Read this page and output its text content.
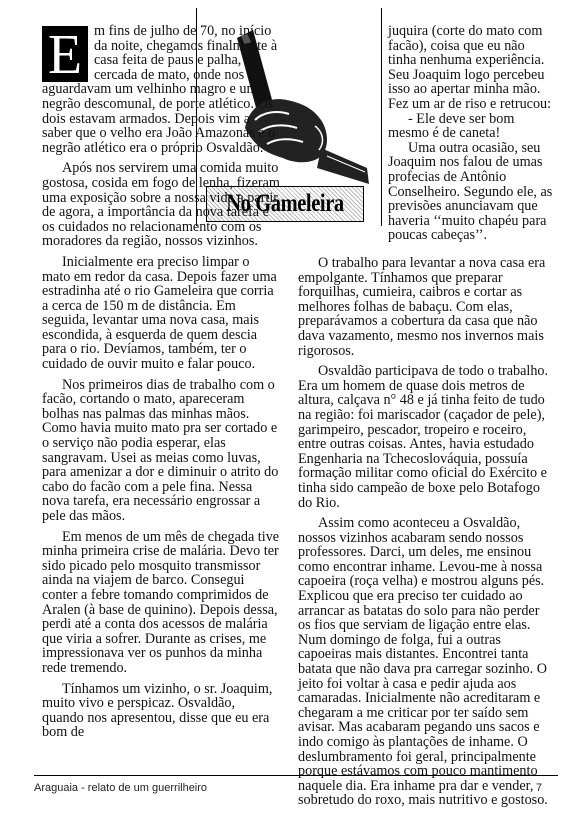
No Gameleira

E m fins de julho de 70, no início da noite, chegamos finalmente à casa feita de paus e palha, cercada de mato, onde nos aguardavam um velhinho magro e um negrão descomunal, de porte atlético. Os dois estavam armados. Depois vim a saber que o velho era João Amazonas e o negrão atlético era o próprio Osvaldão.

Após nos servirem uma comida muito gostosa, cosida em fogo de lenha, fizeram uma exposição sobre a nossa vida a partir de agora, a importância da nova tarefa e os cuidados no relacionamento com os moradores da região, nossos vizinhos.

Inicialmente era preciso limpar o mato em redor da casa. Depois fazer uma estradinha até o rio Gameleira que corria a cerca de 150 m de distância. Em seguida, levantar uma nova casa, mais escondida, à esquerda de quem descia para o rio. Devíamos, também, ter o cuidado de ouvir muito e falar pouco.

Nos primeiros dias de trabalho com o facão, cortando o mato, apareceram bolhas nas palmas das minhas mãos. Como havia muito mato pra ser cortado e o serviço não podia esperar, elas sangravam. Usei as meias como luvas, para amenizar a dor e diminuir o atrito do cabo do facão com a pele fina. Nessa nova tarefa, era necessário engrossar a pele das mãos.

Em menos de um mês de chegada tive minha primeira crise de malária. Devo ter sido picado pelo mosquito transmissor ainda na viajem de barco. Consegui conter a febre tomando comprimidos de Aralen (à base de quinino). Depois dessa, perdi até a conta dos acessos de malária que viria a sofrer. Durante as crises, me impressionava ver os punhos da minha rede tremendo.

Tínhamos um vizinho, o sr. Joaquim, muito vivo e perspicaz. Osvaldão, quando nos apresentou, disse que eu era bom de

juquira (corte do mato com facão), coisa que eu não tinha nenhuma experiência. Seu Joaquim logo percebeu isso ao apertar minha mão. Fez um ar de riso e retrucou:

- Ele deve ser bom mesmo é de caneta!

Uma outra ocasião, seu Joaquim nos falou de umas profecias de Antônio Conselheiro. Segundo ele, as previsões anunciavam que haveria ‘‘muito chapéu para poucas cabeças’’.

O trabalho para levantar a nova casa era empolgante. Tínhamos que preparar forquilhas, cumieira, caibros e cortar as melhores folhas de babaçu. Com elas, preparávamos a cobertura da casa que não dava vazamento, mesmo nos invernos mais rigorosos.

Osvaldão participava de todo o trabalho. Era um homem de quase dois metros de altura, calçava n° 48 e já tinha feito de tudo na região: foi mariscador (caçador de pele), garimpeiro, pescador, tropeiro e roceiro, entre outras coisas. Antes, havia estudado Engenharia na Tchecoslováquia, possuía formação militar como oficial do Exército e tinha sido campeão de boxe pelo Botafogo do Rio.

Assim como aconteceu a Osvaldão, nossos vizinhos acabaram sendo nossos professores. Darci, um deles, me ensinou como encontrar inhame. Levou-me à nossa capoeira (roça velha) e mostrou alguns pés. Explicou que era preciso ter cuidado ao arrancar as batatas do solo para não perder os fios que serviam de ligação entre elas. Num domingo de folga, fui a outras capoeiras mais distantes. Encontrei tanta batata que não dava pra carregar sozinho. O jeito foi voltar à casa e pedir ajuda aos camaradas. Inicialmente não acreditaram e chegaram a me criticar por ter saído sem avisar. Mas acabaram pegando uns sacos e indo comigo às plantações de inhame. O deslumbramento foi geral, principalmente porque estávamos com pouco mantimento naquele dia. Era inhame pra dar e vender, sobretudo do roxo, mais nutritivo e gostoso.

Araguaia - relato de um guerrilheiro	7
